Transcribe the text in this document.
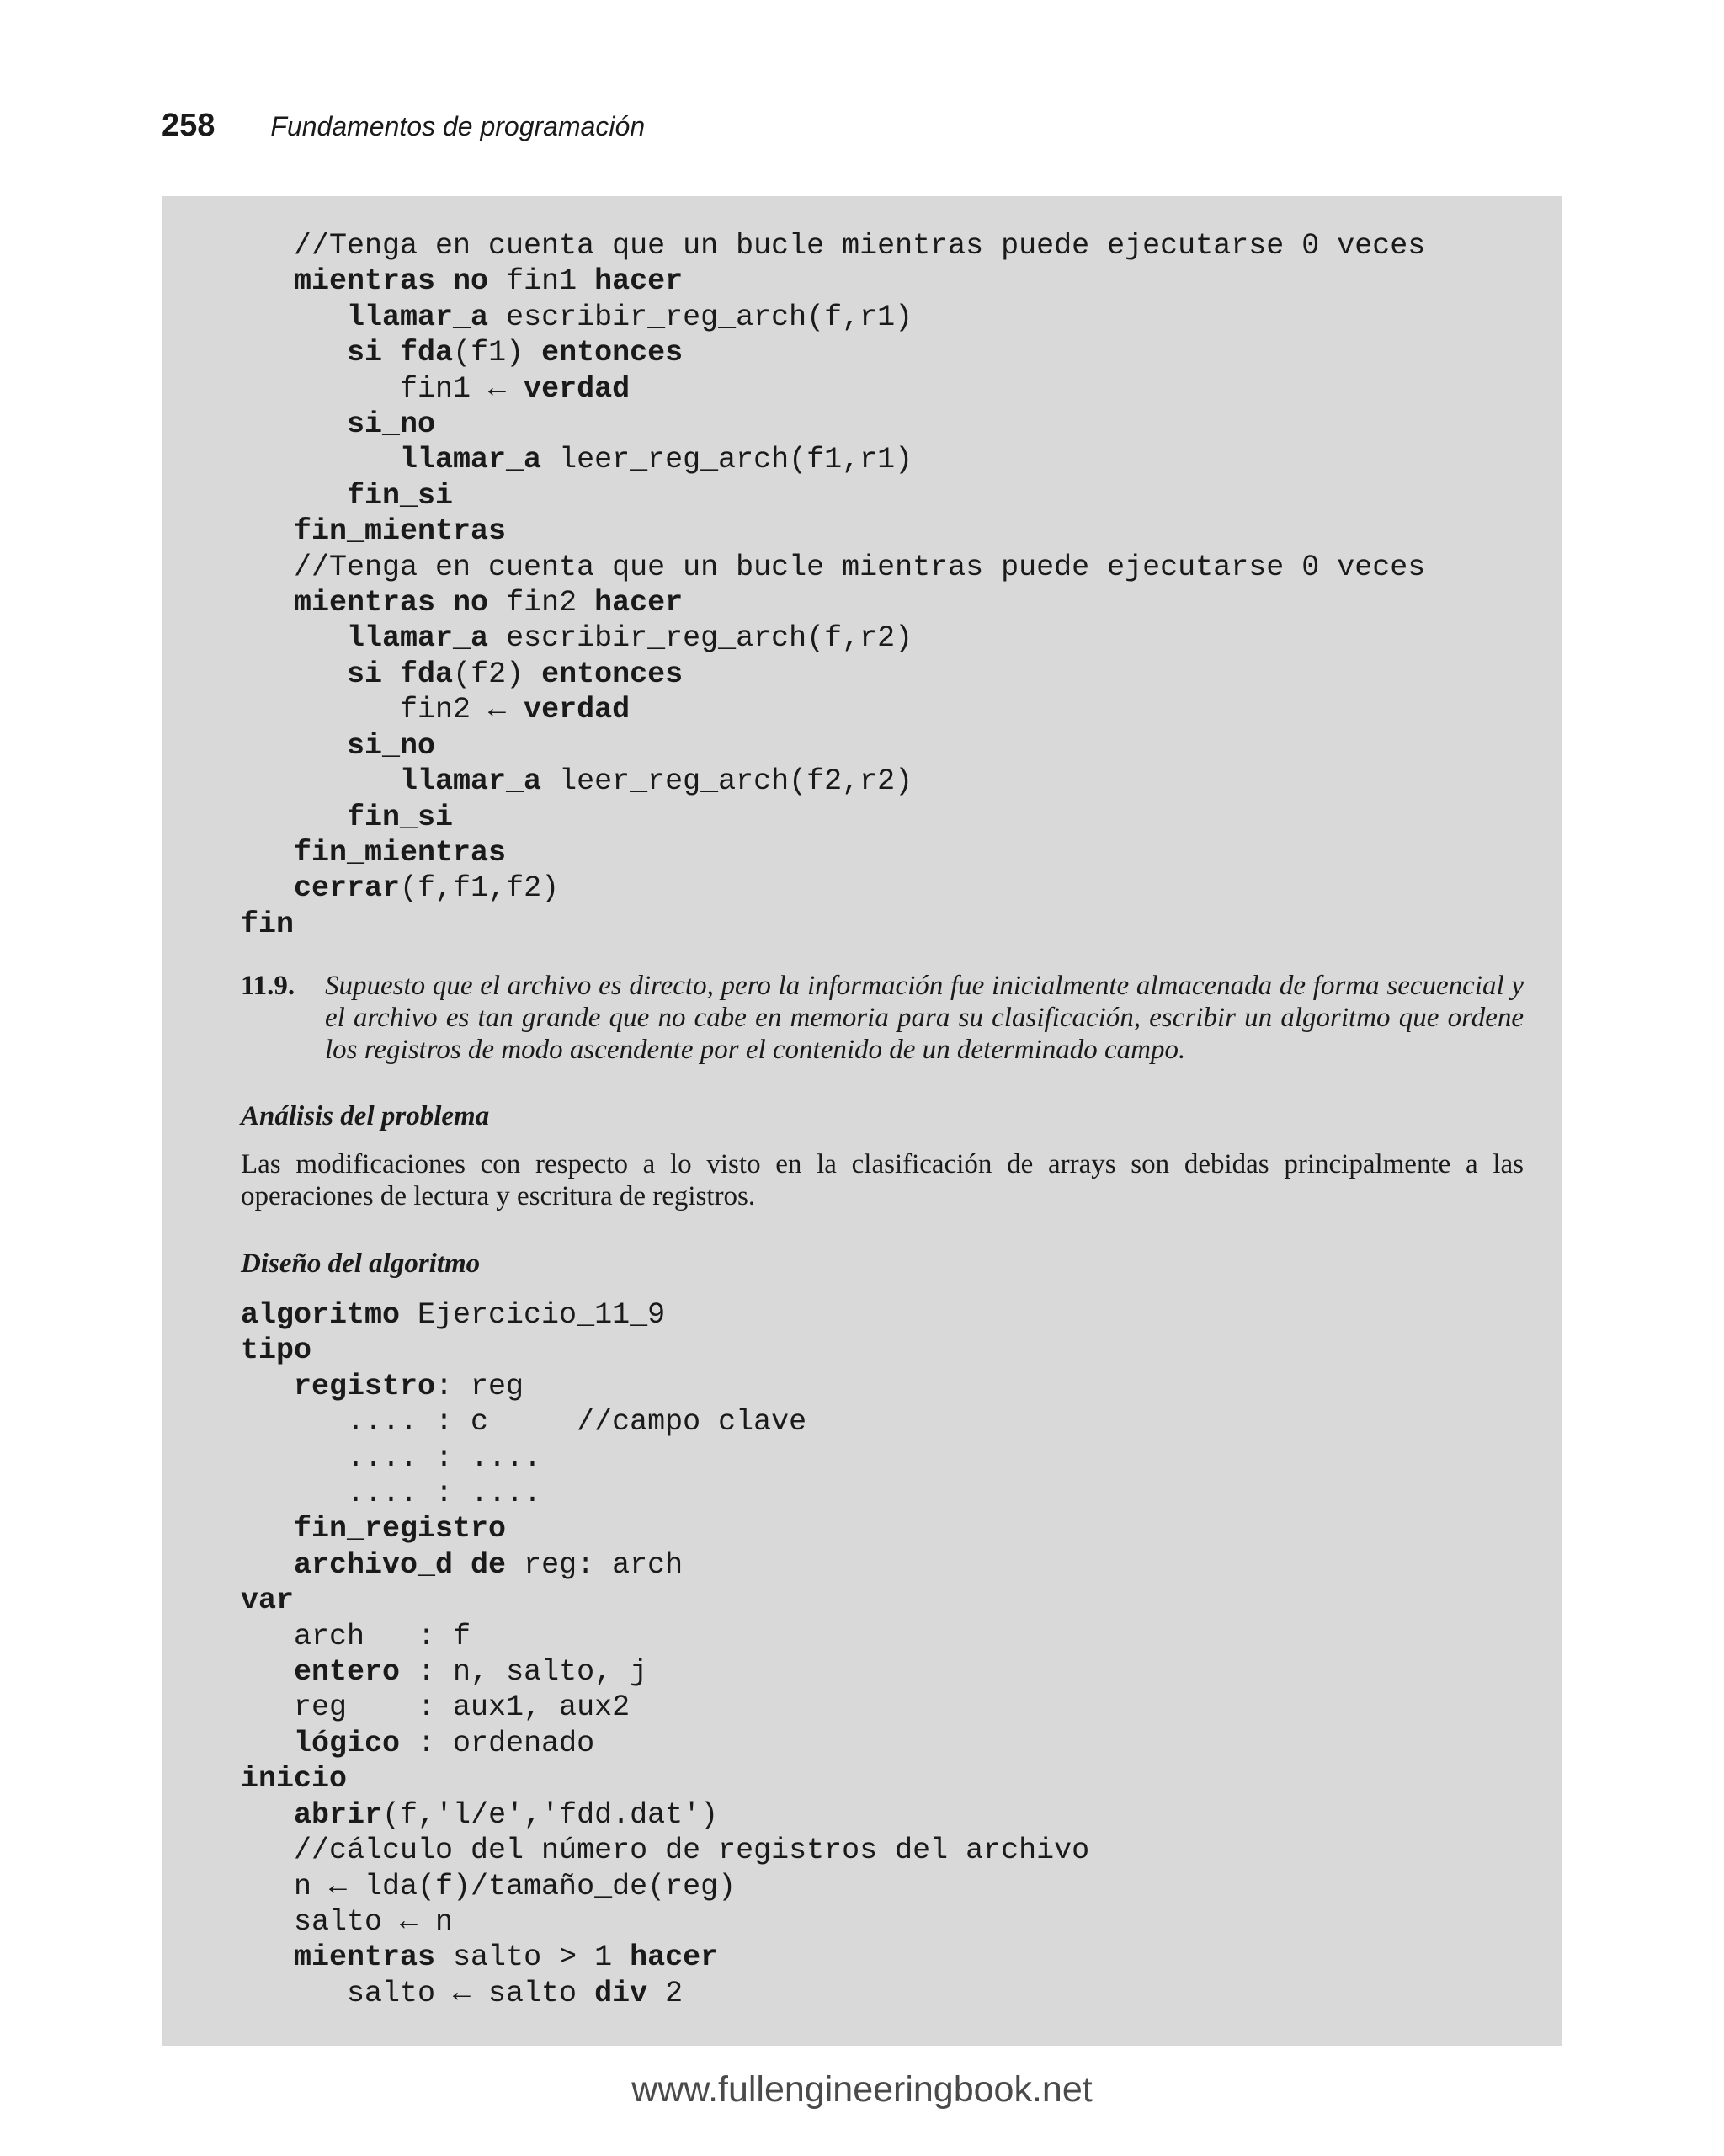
258 Fundamentos de programación
//Tenga en cuenta que un bucle mientras puede ejecutarse 0 veces
mientras no fin1 hacer
llamar_a escribir_reg_arch(f,r1)
si fda(f1) entonces
fin1 ← verdad
si_no
llamar_a leer_reg_arch(f1,r1)
fin_si
fin_mientras
//Tenga en cuenta que un bucle mientras puede ejecutarse 0 veces
mientras no fin2 hacer
llamar_a escribir_reg_arch(f,r2)
si fda(f2) entonces
fin2 ← verdad
si_no
llamar_a leer_reg_arch(f2,r2)
fin_si
fin_mientras
cerrar(f,f1,f2)
fin
11.9.	Supuesto que el archivo es directo, pero la información fue inicialmente almacenada de forma secuencial y el archivo es tan grande que no cabe en memoria para su clasificación, escribir un algoritmo que ordene los registros de modo ascendente por el contenido de un determinado campo.
Análisis del problema
Las modificaciones con respecto a lo visto en la clasificación de arrays son debidas principalmente a las operaciones de lectura y escritura de registros.
Diseño del algoritmo
algoritmo Ejercicio_11_9
tipo
registro: reg
.... : c     //campo clave
.... : ....
.... : ....
fin_registro
archivo_d de reg: arch
var
arch   : f
entero : n, salto, j
reg    : aux1, aux2
lógico : ordenado
inicio
abrir(f,'l/e','fdd.dat')
//cálculo del número de registros del archivo
n ← lda(f)/tamaño_de(reg)
salto ← n
mientras salto > 1 hacer
salto ← salto div 2
www.fullengineeringbook.net
